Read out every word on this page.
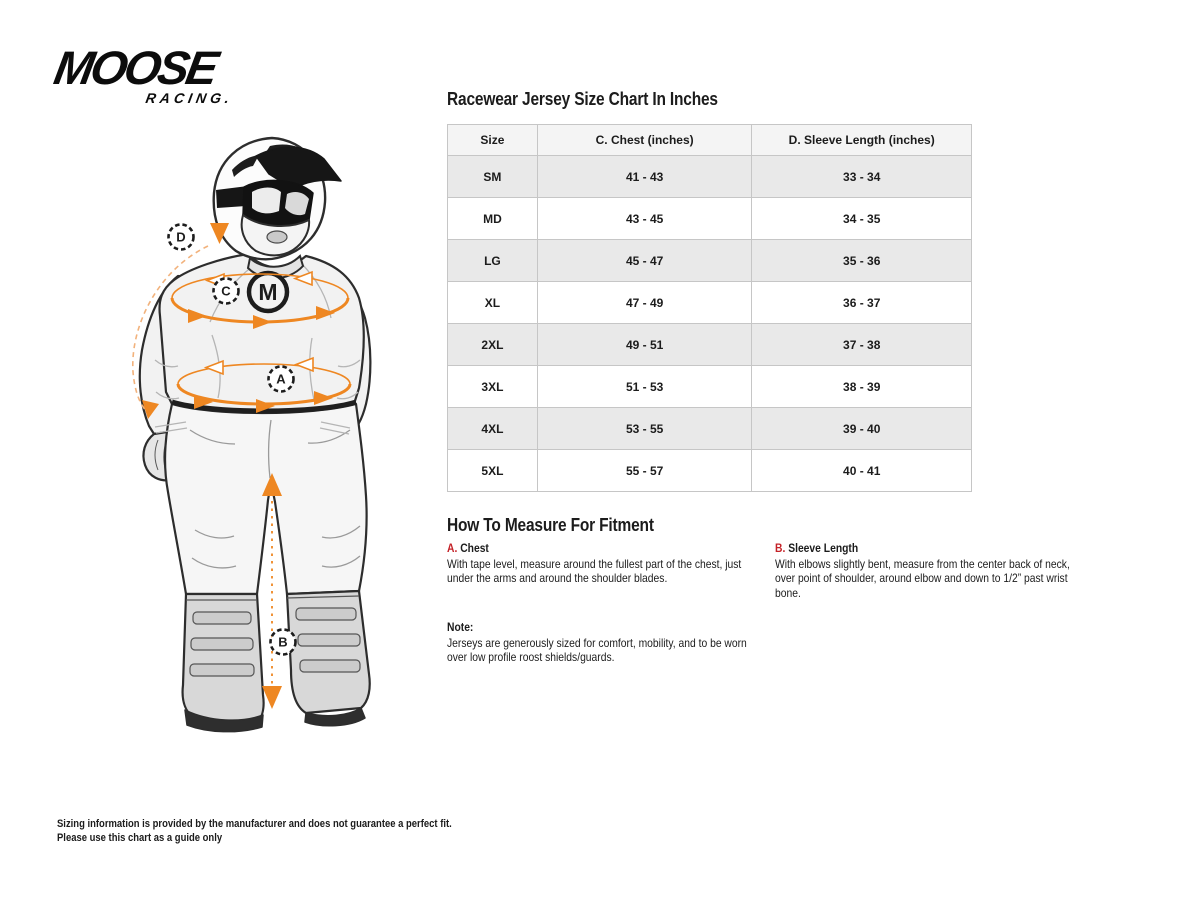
MOOSE
RACING.
M
D
C
A
B
Racewear Jersey Size Chart In Inches
Size	C. Chest (inches)	D. Sleeve Length (inches)
SM	41 - 43	33 - 34
MD	43 - 45	34 - 35
LG	45 - 47	35 - 36
XL	47 - 49	36 - 37
2XL	49 - 51	37 - 38
3XL	51 - 53	38 - 39
4XL	53 - 55	39 - 40
5XL	55 - 57	40 - 41
How To Measure For Fitment
A. Chest

With tape level, measure around the fullest part of the chest, just under the arms and around the shoulder blades.

B. Sleeve Length

With elbows slightly bent, measure from the center back of neck, over point of shoulder, around elbow and down to 1/2” past wrist bone.

Note:

Jerseys are generously sized for comfort, mobility, and to be worn over low profile roost shields/guards.

Sizing information is provided by the manufacturer and does not guarantee a perfect fit.
Please use this chart as a guide only
